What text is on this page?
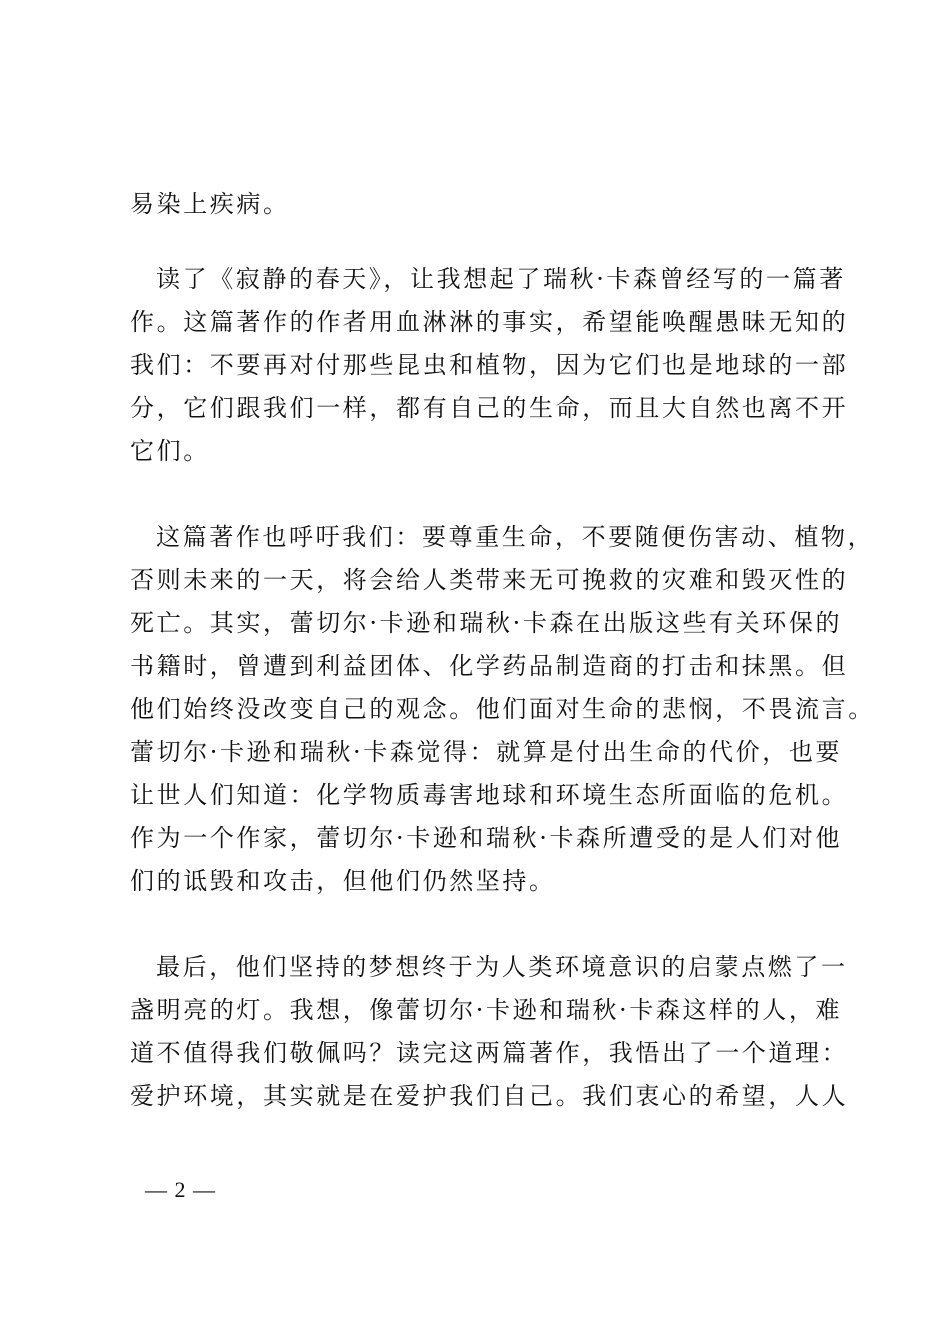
易染上疾病。
读了《寂静的春天》，让我想起了瑞秋·卡森曾经写的一篇著
作。这篇著作的作者用血淋淋的事实，希望能唤醒愚昧无知的
我们：不要再对付那些昆虫和植物，因为它们也是地球的一部
分，它们跟我们一样，都有自己的生命，而且大自然也离不开
它们。
这篇著作也呼吁我们：要尊重生命，不要随便伤害动、植物，
否则未来的一天，将会给人类带来无可挽救的灾难和毁灭性的
死亡。其实，蕾切尔·卡逊和瑞秋·卡森在出版这些有关环保的
书籍时，曾遭到利益团体、化学药品制造商的打击和抹黑。但
他们始终没改变自己的观念。他们面对生命的悲悯，不畏流言。
蕾切尔·卡逊和瑞秋·卡森觉得：就算是付出生命的代价，也要
让世人们知道：化学物质毒害地球和环境生态所面临的危机。
作为一个作家，蕾切尔·卡逊和瑞秋·卡森所遭受的是人们对他
们的诋毁和攻击，但他们仍然坚持。
最后，他们坚持的梦想终于为人类环境意识的启蒙点燃了一
盏明亮的灯。我想，像蕾切尔·卡逊和瑞秋·卡森这样的人，难
道不值得我们敬佩吗？读完这两篇著作，我悟出了一个道理：
爱护环境，其实就是在爱护我们自己。我们衷心的希望，人人
— 2 —
